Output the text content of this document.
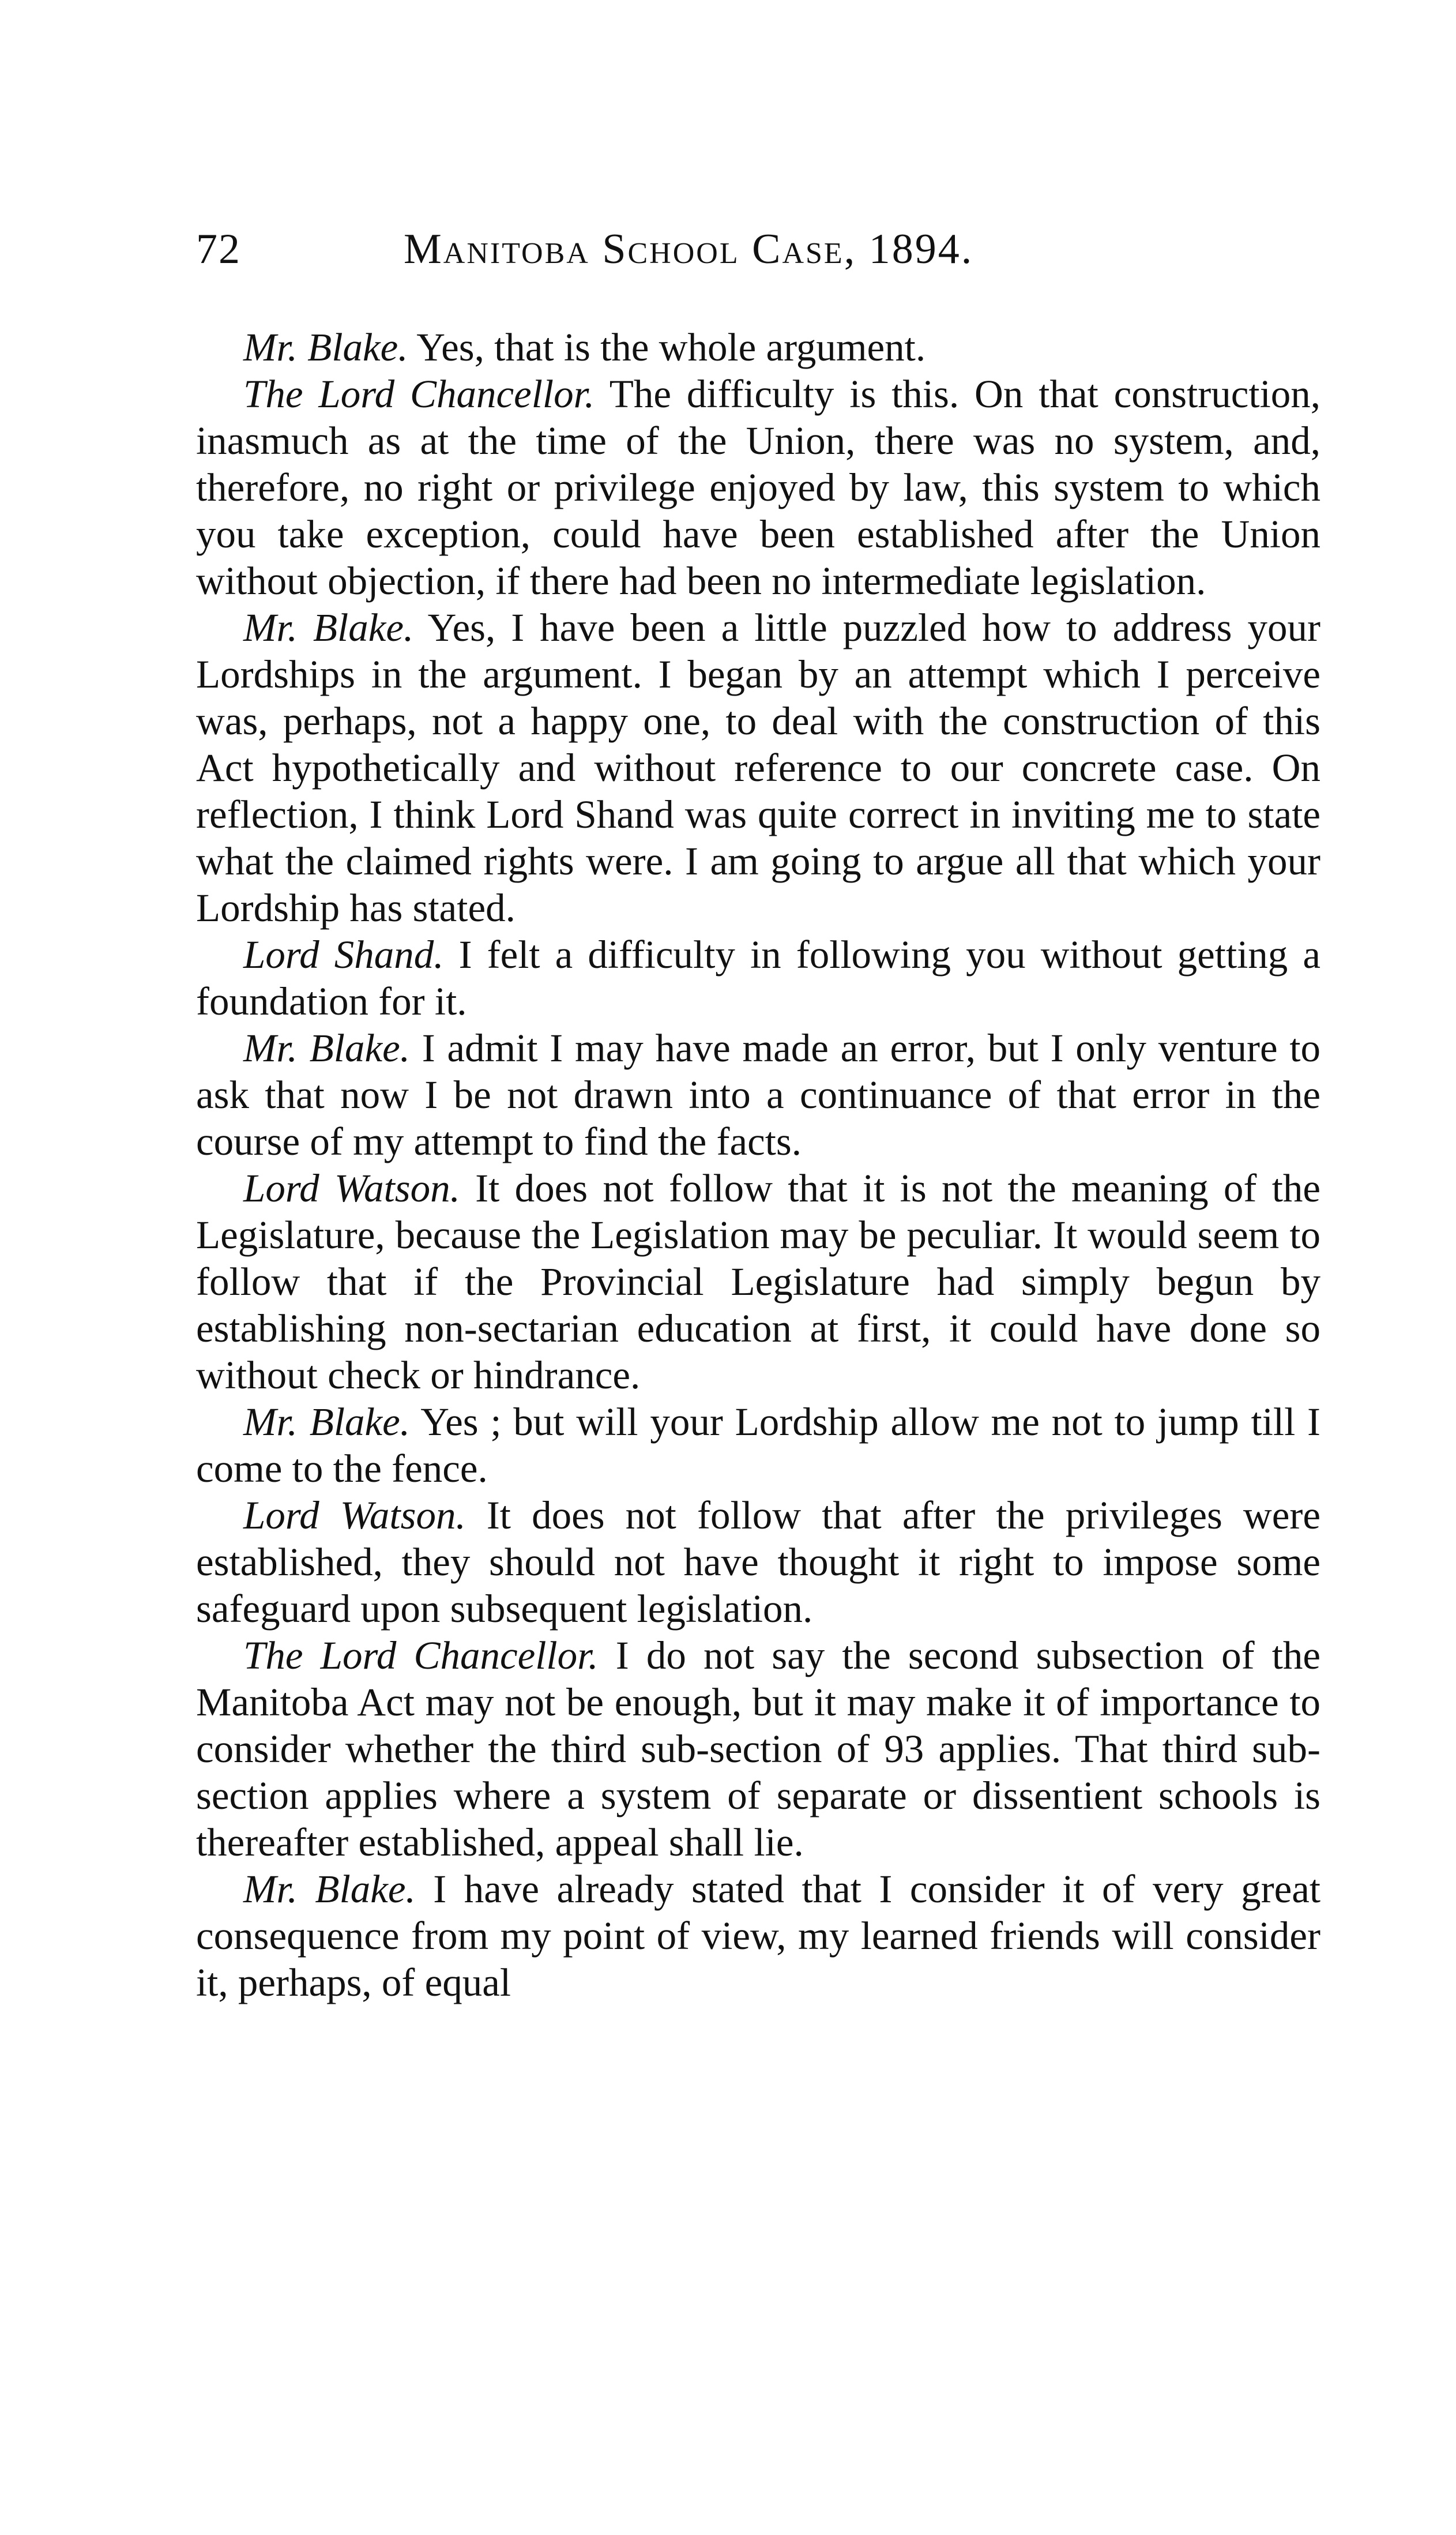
72	Manitoba School Case, 1894.

Mr. Blake. Yes, that is the whole argument.

The Lord Chancellor. The difficulty is this. On that construction, inasmuch as at the time of the Union, there was no system, and, therefore, no right or privilege enjoyed by law, this system to which you take exception, could have been established after the Union without objection, if there had been no intermediate legislation.

Mr. Blake. Yes, I have been a little puzzled how to address your Lordships in the argument. I began by an attempt which I perceive was, perhaps, not a happy one, to deal with the construction of this Act hypothetically and without reference to our concrete case. On reflection, I think Lord Shand was quite correct in inviting me to state what the claimed rights were. I am going to argue all that which your Lordship has stated.

Lord Shand. I felt a difficulty in following you without getting a foundation for it.

Mr. Blake. I admit I may have made an error, but I only venture to ask that now I be not drawn into a continuance of that error in the course of my attempt to find the facts.

Lord Watson. It does not follow that it is not the meaning of the Legislature, because the Legislation may be peculiar. It would seem to follow that if the Provincial Legislature had simply begun by establishing non-sectarian education at first, it could have done so without check or hindrance.

Mr. Blake. Yes ; but will your Lordship allow me not to jump till I come to the fence.

Lord Watson. It does not follow that after the privileges were established, they should not have thought it right to impose some safeguard upon subsequent legislation.

The Lord Chancellor. I do not say the second subsection of the Manitoba Act may not be enough, but it may make it of importance to consider whether the third sub-section of 93 applies. That third sub-section applies where a system of separate or dissentient schools is thereafter established, appeal shall lie.

Mr. Blake. I have already stated that I consider it of very great consequence from my point of view, my learned friends will consider it, perhaps, of equal
